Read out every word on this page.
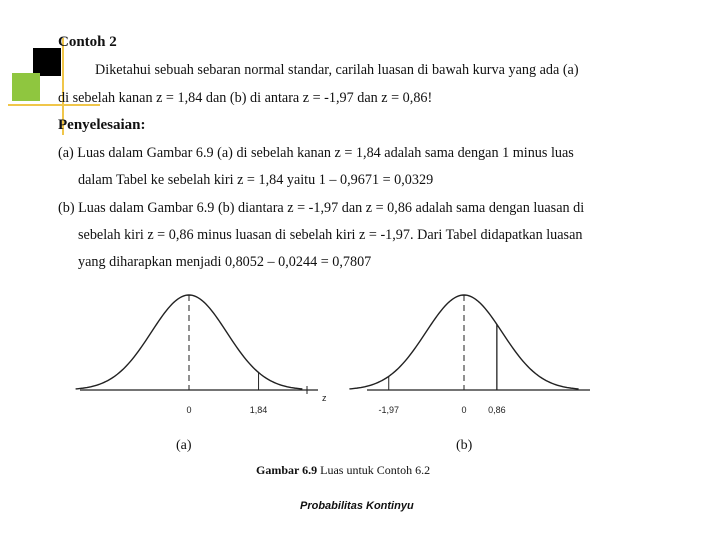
Contoh 2
Diketahui sebuah sebaran normal standar, carilah luasan di bawah kurva yang ada (a)
di sebelah kanan z = 1,84 dan (b) di antara z = -1,97 dan z = 0,86!
Penyelesaian:
(a) Luas dalam Gambar 6.9 (a) di sebelah kanan z = 1,84 adalah sama dengan 1 minus luas
dalam Tabel ke sebelah kiri z = 1,84 yaitu 1 – 0,9671 = 0,0329
(b) Luas dalam Gambar 6.9 (b) diantara z = -1,97 dan z = 0,86 adalah sama dengan luasan di
sebelah kiri z = 0,86 minus luasan di sebelah kiri z = -1,97. Dari Tabel didapatkan luasan
yang diharapkan menjadi 0,8052 – 0,0244 = 0,7807
0	1,84
z
(a)
-1,97	0 0,86
(b)
Gambar 6.9 Luas untuk Contoh 6.2
Probabilitas Kontinyu
